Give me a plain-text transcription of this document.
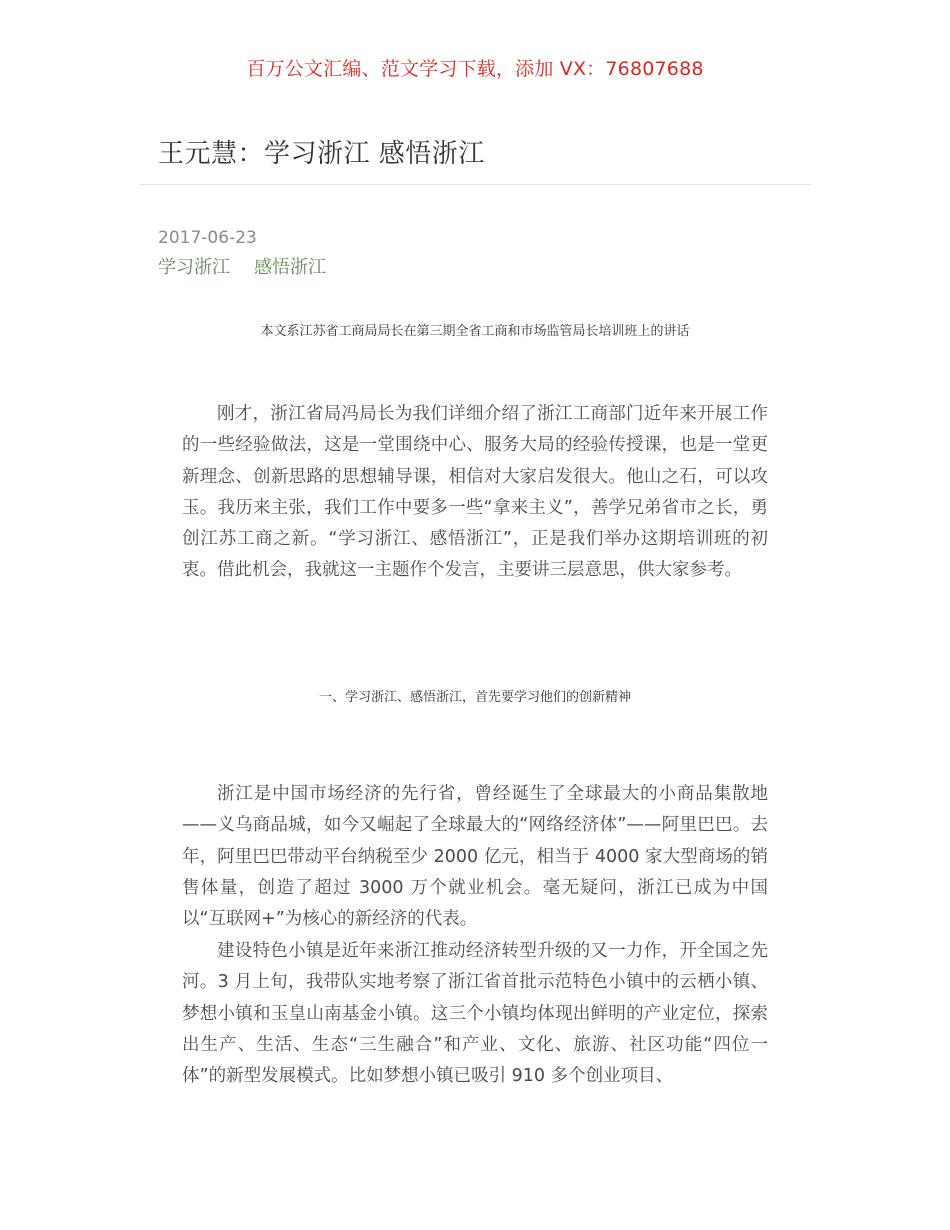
百万公文汇编、范文学习下载，添加 VX：76807688
王元慧：学习浙江 感悟浙江
2017-06-23
学习浙江 感悟浙江
本文系江苏省工商局局长在第三期全省工商和市场监管局长培训班上的讲话

刚才，浙江省局冯局长为我们详细介绍了浙江工商部门近年来开展工作的一些经验做法，这是一堂围绕中心、服务大局的经验传授课，也是一堂更新理念、创新思路的思想辅导课，相信对大家启发很大。他山之石，可以攻玉。我历来主张，我们工作中要多一些“拿来主义”，善学兄弟省市之长，勇创江苏工商之新。“学习浙江、感悟浙江”，正是我们举办这期培训班的初衷。借此机会，我就这一主题作个发言，主要讲三层意思，供大家参考。

一、学习浙江、感悟浙江，首先要学习他们的创新精神

浙江是中国市场经济的先行省，曾经诞生了全球最大的小商品集散地——义乌商品城，如今又崛起了全球最大的“网络经济体”——阿里巴巴。去年，阿里巴巴带动平台纳税至少 2000 亿元，相当于 4000 家大型商场的销售体量，创造了超过 3000 万个就业机会。毫无疑问，浙江已成为中国以“互联网+”为核心的新经济的代表。

建设特色小镇是近年来浙江推动经济转型升级的又一力作，开全国之先河。3 月上旬，我带队实地考察了浙江省首批示范特色小镇中的云栖小镇、梦想小镇和玉皇山南基金小镇。这三个小镇均体现出鲜明的产业定位，探索出生产、生活、生态“三生融合”和产业、文化、旅游、社区功能“四位一体”的新型发展模式。比如梦想小镇已吸引 910 多个创业项目、
